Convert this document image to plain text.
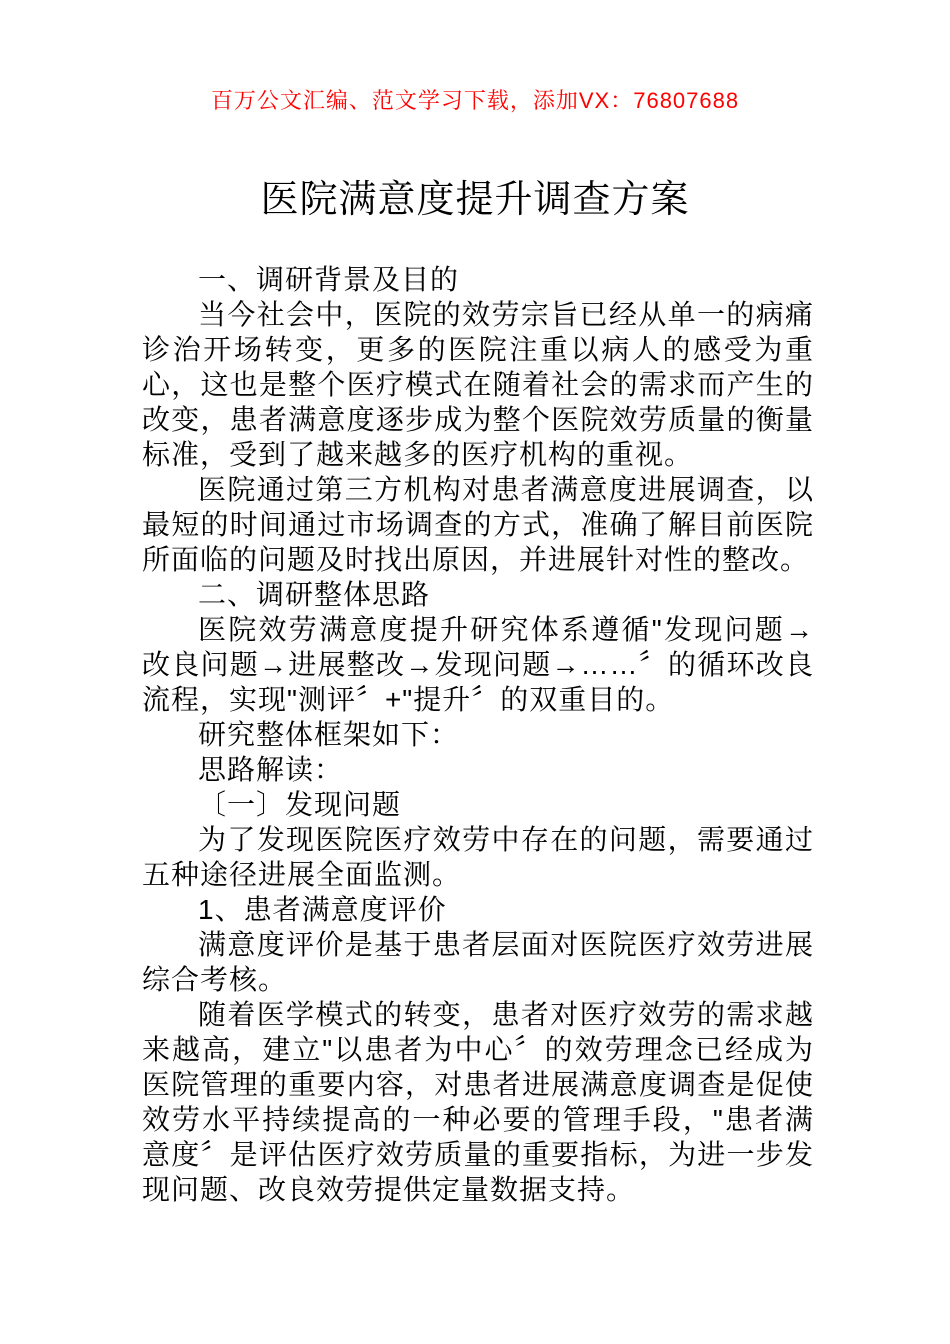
百万公文汇编、范文学习下载，添加VX：76807688
医院满意度提升调查方案

一、调研背景及目的

当今社会中，医院的效劳宗旨已经从单一的病痛诊治开场转变，更多的医院注重以病人的感受为重心，这也是整个医疗模式在随着社会的需求而产生的改变，患者满意度逐步成为整个医院效劳质量的衡量标准，受到了越来越多的医疗机构的重视。

医院通过第三方机构对患者满意度进展调查，以最短的时间通过市场调查的方式，准确了解目前医院所面临的问题及时找出原因，并进展针对性的整改。

二、调研整体思路

医院效劳满意度提升研究体系遵循"发现问题→改良问题→进展整改→发现问题→……〞的循环改良流程，实现"测评〞+"提升〞的双重目的。

研究整体框架如下：

思路解读：

〔一〕发现问题

为了发现医院医疗效劳中存在的问题，需要通过五种途径进展全面监测。

1、患者满意度评价

满意度评价是基于患者层面对医院医疗效劳进展综合考核。

随着医学模式的转变，患者对医疗效劳的需求越来越高，建立"以患者为中心〞的效劳理念已经成为医院管理的重要内容，对患者进展满意度调查是促使效劳水平持续提高的一种必要的管理手段，"患者满意度〞是评估医疗效劳质量的重要指标，为进一步发现问题、改良效劳提供定量数据支持。
